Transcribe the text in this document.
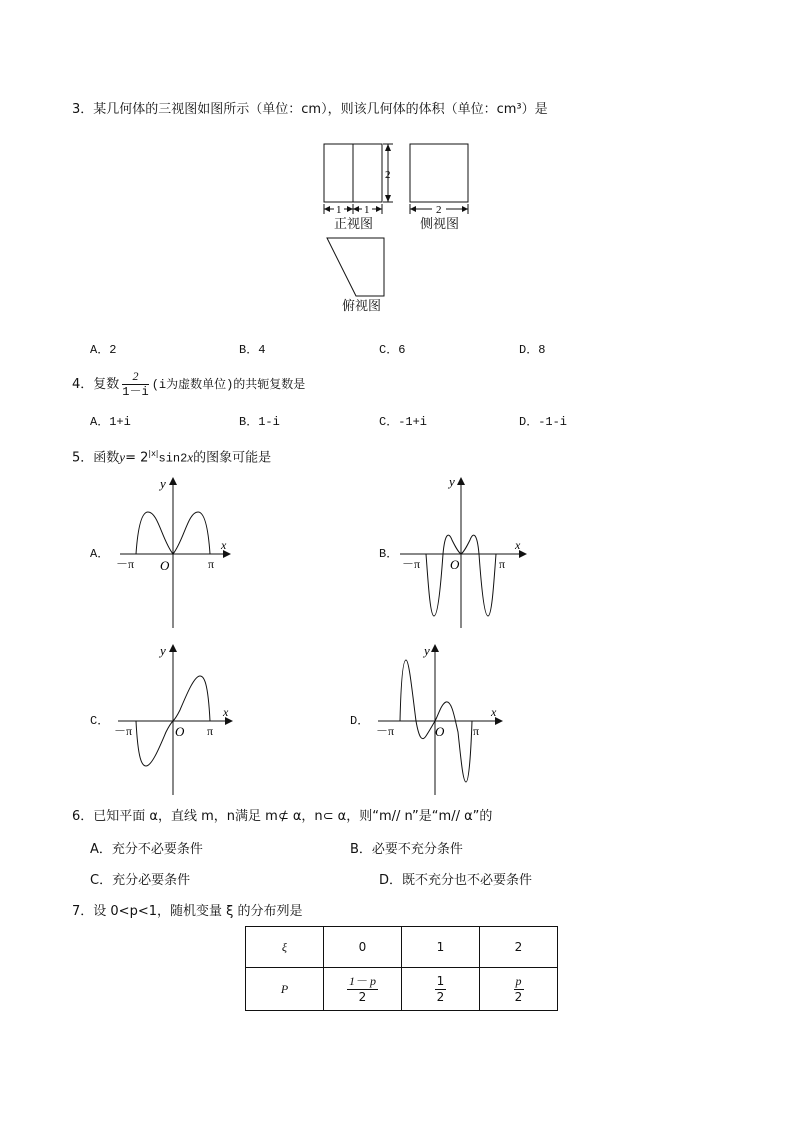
3．某几何体的三视图如图所示（单位：cm），则该几何体的体积（单位：cm³）是
1 1
2
2
正视图	侧视图
俯视图
A．2	B．4	C．6	D．8
4．复数 $\frac{2}{1-i} (i$为虚数单位)的共轭复数是
A．1+i	B．1-i	C．-1+i	D．-1-i
5．函数$y= 2^{|x|}\sin 2x$的图象可能是
A．	B．
C．	D．
y
x
O
－π	π
y
x
O
－π	π
y
x
O
－π	π
y
x
O
－π	π
6．已知平面 α，直线 m，n满足 m⊄ α，n⊂ α，则“m// n”是“m// α”的
A．充分不必要条件	B．必要不充分条件
C．充分必要条件	D．既不充分也不必要条件
7．设 0<p<1，随机变量 ξ 的分布列是
ξ	0	1	2
P	$\frac{1- p}{2}$	$\frac{1}{2}$	$\frac{p}{2}$
